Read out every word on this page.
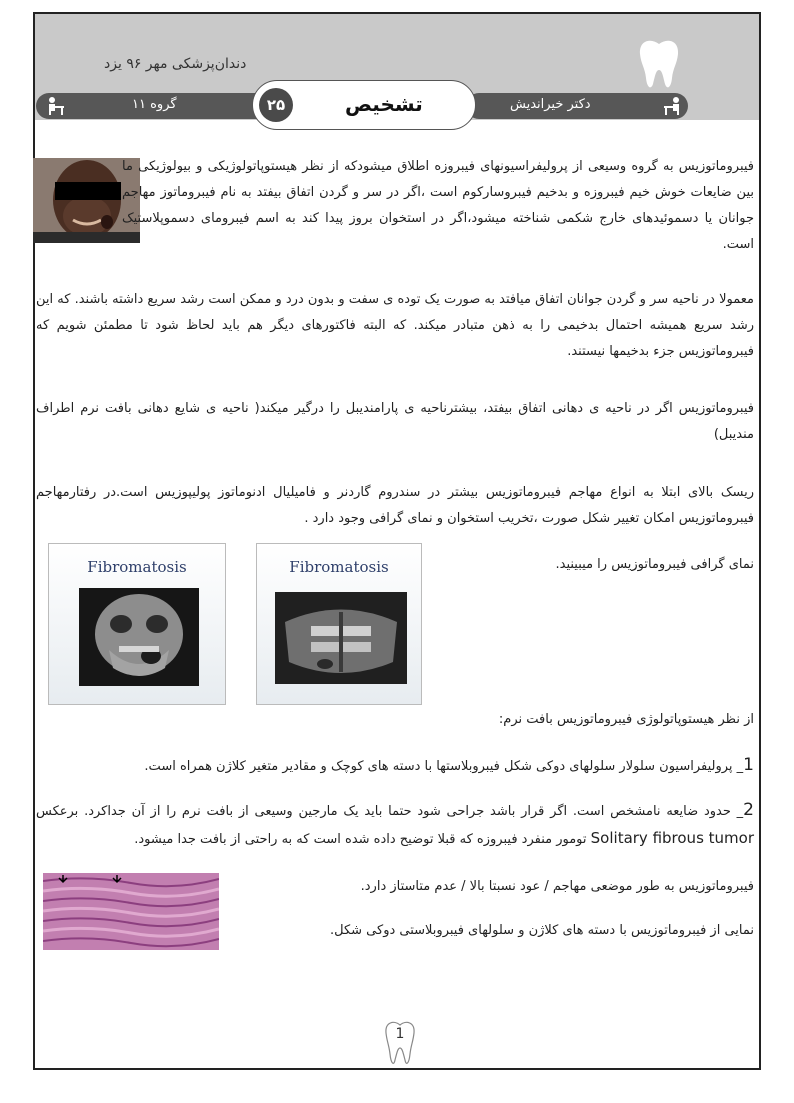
دندان‌پزشکی مهر ۹۶ یزد
گروه ۱۱	دکتر خیراندیش
۲۵	تشخیص

فیبروماتوزیس به گروه وسیعی از پرولیفراسیونهای فیبروزه اطلاق میشودکه از نظر هیستوپاتولوژیکی و بیولوژیکی ما بین ضایعات خوش خیم فیبروزه و بدخیم فیبروسارکوم است ،اگر در سر و گردن اتفاق بیفتد به نام فیبروماتوز مهاجم جوانان یا دسموئیدهای خارج شکمی شناخته میشود،اگر در استخوان بروز پیدا کند به اسم فیبرومای دسموپلاستیک است.

معمولا در ناحیه سر و گردن جوانان اتفاق میافتد به صورت یک توده ی سفت و بدون درد و ممکن است رشد سریع داشته باشند. که این رشد سریع همیشه احتمال بدخیمی را به ذهن متبادر میکند. که البته فاکتورهای دیگر هم باید لحاظ شود تا مطمئن شویم که فیبروماتوزیس جزء بدخیمها نیستند.

فیبروماتوزیس اگر در ناحیه ی دهانی اتفاق بیفتد، بیشترناحیه ی پارامندیبل را درگیر میکند( ناحیه ی شایع دهانی بافت نرم اطراف مندیبل)

ریسک بالای ابتلا به انواع مهاجم فیبروماتوزیس بیشتر در سندروم گاردنر و فامیلیال ادنوماتوز پولیپوزیس است.در رفتارمهاجم فیبروماتوزیس امکان تغییر شکل صورت ،تخریب استخوان و نمای گرافی وجود دارد .

نمای گرافی فیبروماتوزیس را میبینید.

Fibromatosis	Fibromatosis

از نظر هیستوپاتولوژی فیبروماتوزیس بافت نرم:

1_ پرولیفراسیون سلولار سلولهای دوکی شکل فیبروبلاستها با دسته های کوچک و مقادیر متغیر کلاژن همراه است.

2_ حدود ضایعه نامشخص است. اگر قرار باشد جراحی شود حتما باید یک مارجین وسیعی از بافت نرم را از آن جداکرد. برعکس Solitary fibrous tumor تومور منفرد فیبروزه که قبلا توضیح داده شده است که به راحتی از بافت جدا میشود.

فیبروماتوزیس به طور موضعی مهاجم / عود نسبتا بالا / عدم متاستاز دارد.

نمایی از فیبروماتوزیس با دسته های کلاژن و سلولهای فیبروبلاستی دوکی شکل.

1
